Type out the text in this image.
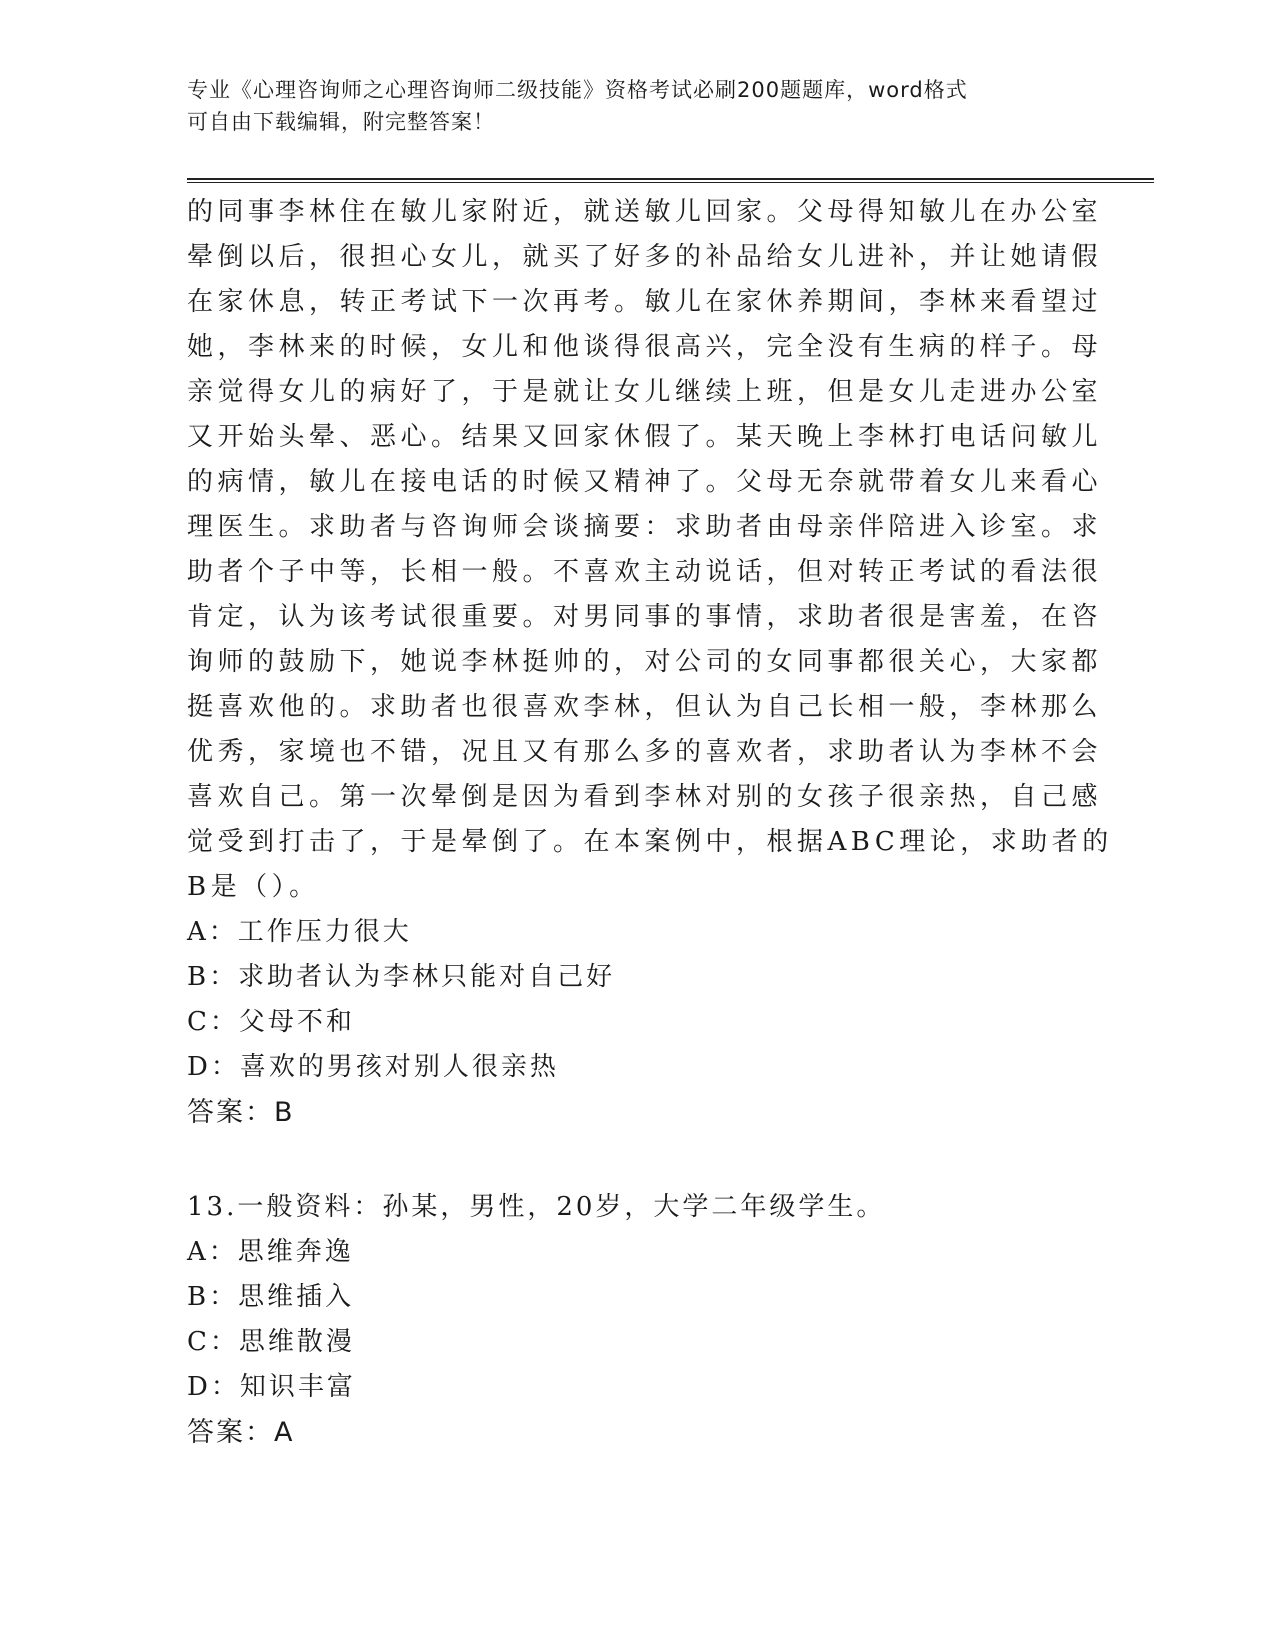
专业《心理咨询师之心理咨询师二级技能》资格考试必刷200题题库，word格式
可自由下载编辑，附完整答案！
的同事李林住在敏儿家附近，就送敏儿回家。父母得知敏儿在办公室
晕倒以后，很担心女儿，就买了好多的补品给女儿进补，并让她请假
在家休息，转正考试下一次再考。敏儿在家休养期间，李林来看望过
她，李林来的时候，女儿和他谈得很高兴，完全没有生病的样子。母
亲觉得女儿的病好了，于是就让女儿继续上班，但是女儿走进办公室
又开始头晕、恶心。结果又回家休假了。某天晚上李林打电话问敏儿
的病情，敏儿在接电话的时候又精神了。父母无奈就带着女儿来看心
理医生。求助者与咨询师会谈摘要：求助者由母亲伴陪进入诊室。求
助者个子中等，长相一般。不喜欢主动说话，但对转正考试的看法很
肯定，认为该考试很重要。对男同事的事情，求助者很是害羞，在咨
询师的鼓励下，她说李林挺帅的，对公司的女同事都很关心，大家都
挺喜欢他的。求助者也很喜欢李林，但认为自己长相一般，李林那么
优秀，家境也不错，况且又有那么多的喜欢者，求助者认为李林不会
喜欢自己。第一次晕倒是因为看到李林对别的女孩子很亲热，自己感
觉受到打击了，于是晕倒了。在本案例中，根据ABC理论，求助者的
B是（）。
A：工作压力很大
B：求助者认为李林只能对自己好
C：父母不和
D：喜欢的男孩对别人很亲热
答案：B
13.一般资料：孙某，男性，20岁，大学二年级学生。
A：思维奔逸
B：思维插入
C：思维散漫
D：知识丰富
答案：A
